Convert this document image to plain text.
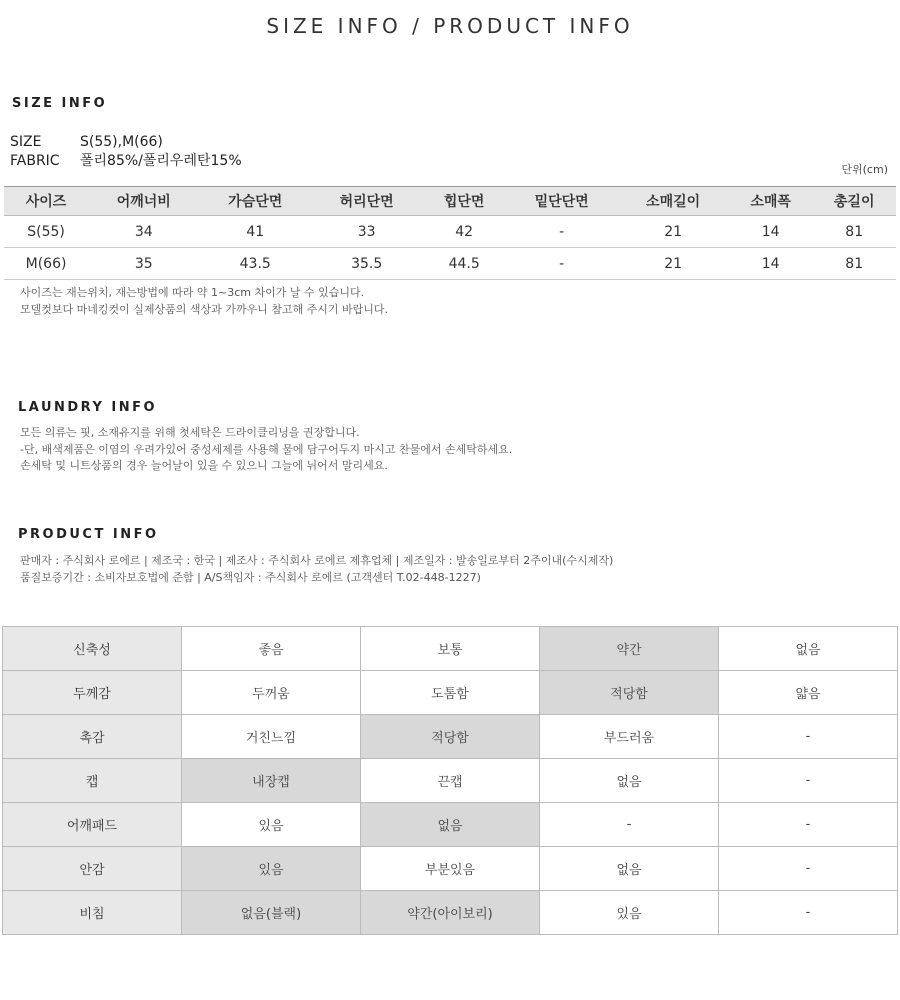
SIZE INFO / PRODUCT INFO
SIZE INFO
SIZE	S(55),M(66)
FABRIC 폴리85%/폴리우레탄15%
단위(cm)
사이즈	어깨너비	가슴단면	허리단면	힙단면	밑단단면	소매길이	소매폭	총길이
S(55)	34	41	33	42	-	21	14	81
M(66)	35	43.5	35.5	44.5	-	21	14	81
사이즈는 재는위치, 재는방법에 따라 약 1~3cm 차이가 날 수 있습니다.
모델컷보다 마네킹컷이 실제상품의 색상과 가까우니 참고해 주시기 바랍니다.
LAUNDRY INFO
모든 의류는 핏, 소재유지를 위해 첫세탁은 드라이클리닝을 권장합니다.
-단, 배색제품은 이염의 우려가있어 중성세제를 사용해 물에 담구어두지 마시고 찬물에서 손세탁하세요.
손세탁 및 니트상품의 경우 늘어날이 있을 수 있으니 그늘에 뉘어서 말리세요.
PRODUCT INFO
판매자 : 주식회사 로에르 | 제조국 : 한국 | 제조사 : 주식회사 로에르 제휴업체 | 제조일자 : 발송일로부터 2주이내(수시제작)
품질보증기간 : 소비자보호법에 준함 | A/S책임자 : 주식회사 로에르 (고객센터 T.02-448-1227)
신축성	좋음	보통	약간	없음
두께감	두꺼움	도톰함	적당함	얇음
촉감	거친느낌	적당함	부드러움	-
캡	내장캡	끈캡	없음	-
어깨패드	있음	없음	-	-
안감	있음	부분있음	없음	-
비침	없음(블랙)	약간(아이보리)	있음	-
